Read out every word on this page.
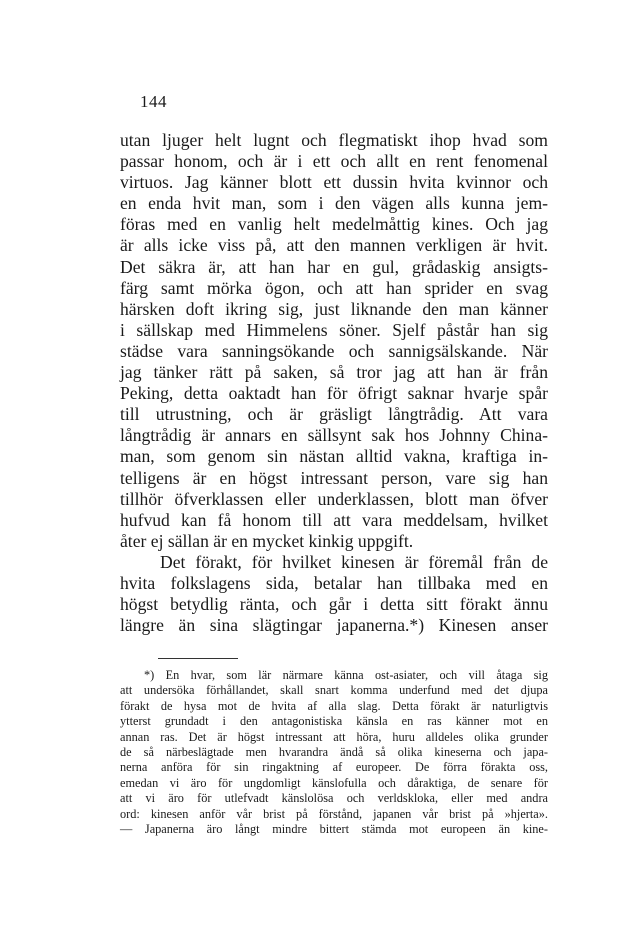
144
utan ljuger helt lugnt och flegmatiskt ihop hvad som
passar honom, och är i ett och allt en rent fenomenal
virtuos. Jag känner blott ett dussin hvita kvinnor och
en enda hvit man, som i den vägen alls kunna jem-
föras med en vanlig helt medelmåttig kines. Och jag
är alls icke viss på, att den mannen verkligen är hvit.
Det säkra är, att han har en gul, grådaskig ansigts-
färg samt mörka ögon, och att han sprider en svag
härsken doft ikring sig, just liknande den man känner
i sällskap med Himmelens söner. Sjelf påstår han sig
städse vara sanningsökande och sannigsälskande. När
jag tänker rätt på saken, så tror jag att han är från
Peking, detta oaktadt han för öfrigt saknar hvarje spår
till utrustning, och är gräsligt långtrådig. Att vara
långtrådig är annars en sällsynt sak hos Johnny China-
man, som genom sin nästan alltid vakna, kraftiga in-
telligens är en högst intressant person, vare sig han
tillhör öfverklassen eller underklassen, blott man öfver
hufvud kan få honom till att vara meddelsam, hvilket
åter ej sällan är en mycket kinkig uppgift.
Det förakt, för hvilket kinesen är föremål från de
hvita folkslagens sida, betalar han tillbaka med en
högst betydlig ränta, och går i detta sitt förakt ännu
längre än sina slägtingar japanerna.*) Kinesen anser
*) En hvar, som lär närmare känna ost-asiater, och vill åtaga sig
att undersöka förhållandet, skall snart komma underfund med det djupa
förakt de hysa mot de hvita af alla slag. Detta förakt är naturligtvis
ytterst grundadt i den antagonistiska känsla en ras känner mot en
annan ras. Det är högst intressant att höra, huru alldeles olika grunder
de så närbeslägtade men hvarandra ändå så olika kineserna och japa-
nerna anföra för sin ringaktning af europeer. De förra förakta oss,
emedan vi äro för ungdomligt känslofulla och dåraktiga, de senare för
att vi äro för utlefvadt känslolösa och verldskloka, eller med andra
ord: kinesen anför vår brist på förstånd, japanen vår brist på »hjerta».
— Japanerna äro långt mindre bittert stämda mot europeen än kine-
